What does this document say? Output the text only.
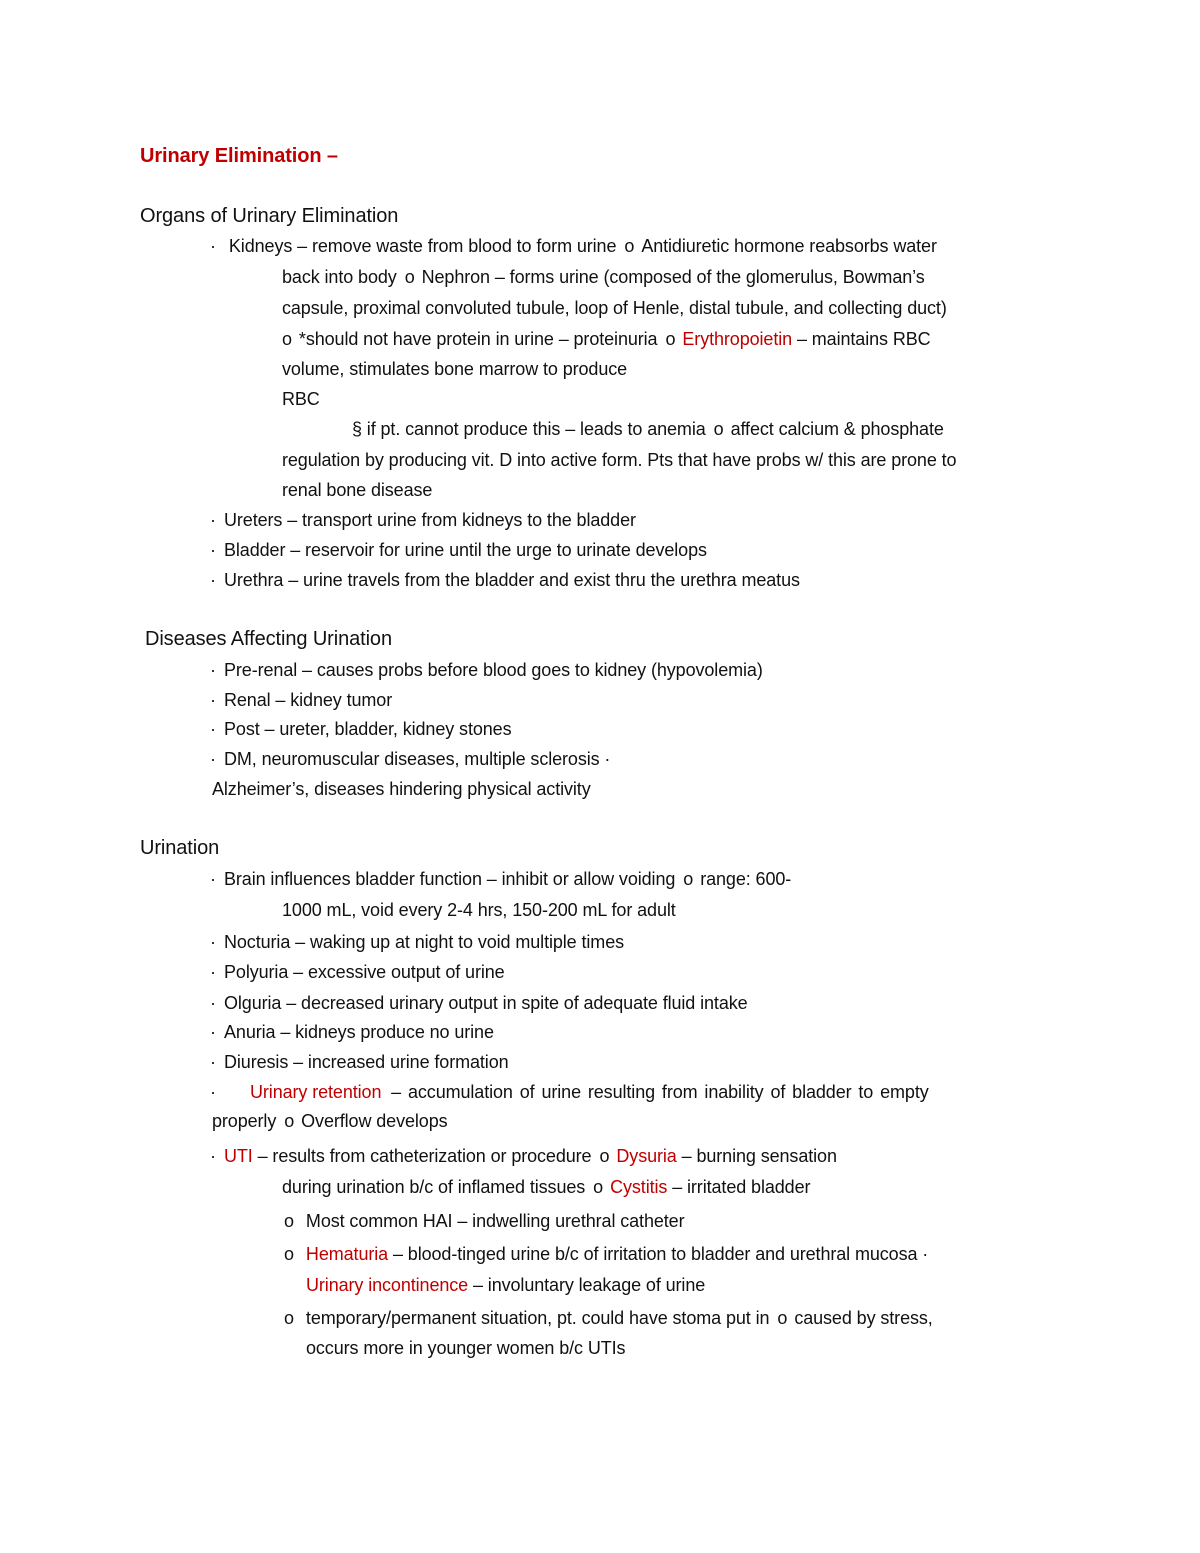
Urinary Elimination –
Organs of Urinary Elimination
· Kidneys – remove waste from blood to form urine o Antidiuretic hormone reabsorbs water
back into body o Nephron – forms urine (composed of the glomerulus, Bowman’s
capsule, proximal convoluted tubule, loop of Henle, distal tubule, and collecting duct)
o *should not have protein in urine – proteinuria o Erythropoietin – maintains RBC
volume, stimulates bone marrow to produce
RBC
§ if pt. cannot produce this – leads to anemia o affect calcium & phosphate
regulation by producing vit. D into active form. Pts that have probs w/ this are prone to
renal bone disease
· Ureters – transport urine from kidneys to the bladder
· Bladder – reservoir for urine until the urge to urinate develops
· Urethra – urine travels from the bladder and exist thru the urethra meatus
Diseases Affecting Urination
· Pre-renal – causes probs before blood goes to kidney (hypovolemia)
· Renal – kidney tumor
· Post – ureter, bladder, kidney stones
· DM, neuromuscular diseases, multiple sclerosis ·
Alzheimer’s, diseases hindering physical activity
Urination
· Brain influences bladder function – inhibit or allow voiding o range: 600-
1000 mL, void every 2-4 hrs, 150-200 mL for adult
· Nocturia – waking up at night to void multiple times
· Polyuria – excessive output of urine
· Olguria – decreased urinary output in spite of adequate fluid intake
· Anuria – kidneys produce no urine
· Diuresis – increased urine formation
· Urinary retention – accumulation of urine resulting from inability of bladder to empty
properly o Overflow develops
· UTI – results from catheterization or procedure o Dysuria – burning sensation
during urination b/c of inflamed tissues o Cystitis – irritated bladder
o Most common HAI – indwelling urethral catheter
o Hematuria – blood-tinged urine b/c of irritation to bladder and urethral mucosa ·
Urinary incontinence – involuntary leakage of urine
o temporary/permanent situation, pt. could have stoma put in o caused by stress,
occurs more in younger women b/c UTIs
